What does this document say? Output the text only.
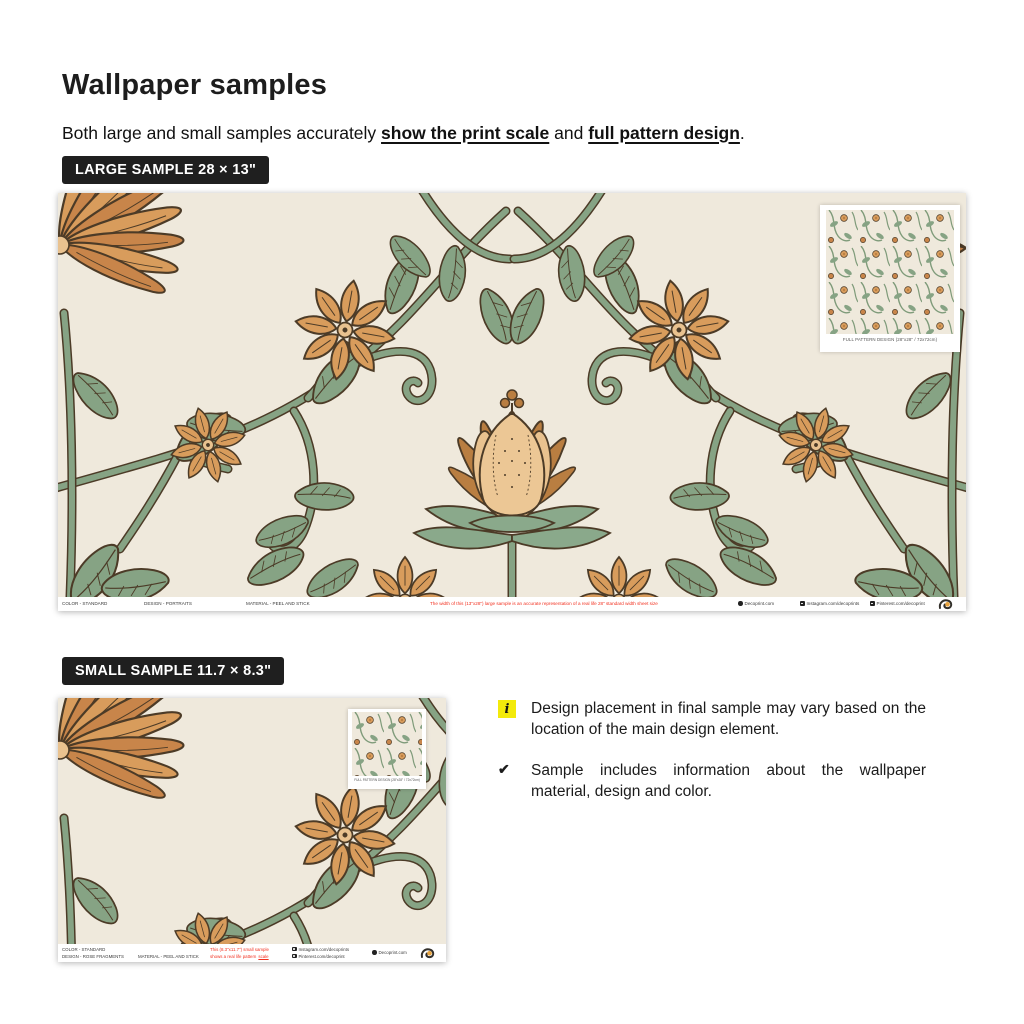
Wallpaper samples

Both large and small samples accurately show the print scale and full pattern design.

LARGE SAMPLE 28 × 13"
COLOR - STANDARD	DESIGN - PORTRAITS	MATERIAL - PEEL AND STICK	The width of this (13"x28") large sample is an accurate representation of a real life 28" standard width sheet size	Decoprint.com	Instagram.com/decoprints	Pinterest.com/decoprint
FULL PATTERN DESIGN (28"x28" / 72x72cm)
SMALL SAMPLE 11.7 × 8.3"
COLOR - STANDARD
DESIGN - ROSE FRAGMENTS	MATERIAL - PEEL AND STICK
This (8.3"x11.7") small sample
shows a real life pattern scale
Instagram.com/decoprints
Pinterest.com/decoprint
Decoprint.com
FULL PATTERN DESIGN (28"x28" / 72x72cm)
i	Design placement in final sample may vary based on the location of the main design element.
✔	Sample includes information about the wallpaper material, design and color.
